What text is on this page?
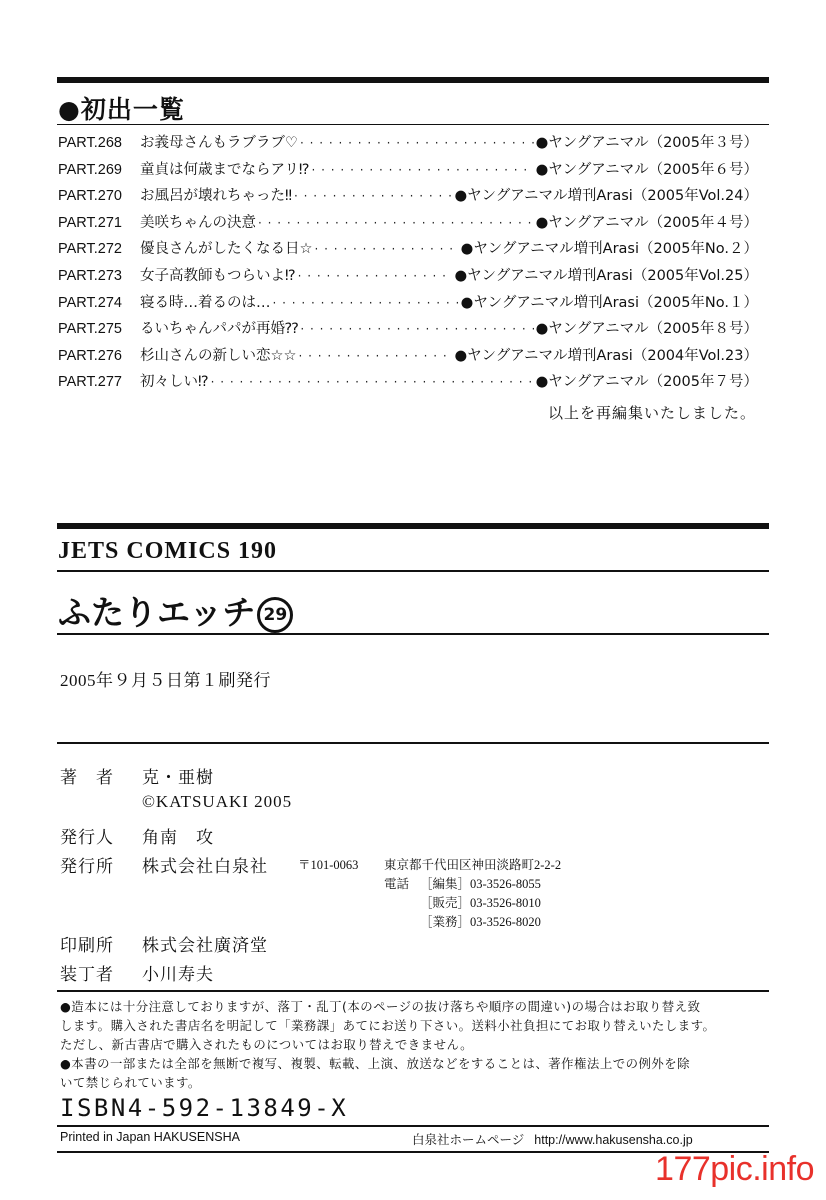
●初出一覧
PART.268	お義母さんもラブラブ♡ · · ·	●ヤングアニマル（2005年３号）
PART.269	童貞は何歳までならアリ⁉ · · ·	●ヤングアニマル（2005年６号）
PART.270	お風呂が壊れちゃった‼ · · ·	●ヤングアニマル増刊Arasi（2005年Vol.24）
PART.271	美咲ちゃんの決意 · · ·	●ヤングアニマル（2005年４号）
PART.272	優良さんがしたくなる日☆ · · ·	●ヤングアニマル増刊Arasi（2005年No.２）
PART.273	女子高教師もつらいよ⁉ · · ·	●ヤングアニマル増刊Arasi（2005年Vol.25）
PART.274	寝る時…着るのは… · · ·	●ヤングアニマル増刊Arasi（2005年No.１）
PART.275	るいちゃんパパが再婚⁇ · · ·	●ヤングアニマル（2005年８号）
PART.276	杉山さんの新しい恋☆☆ · · ·	●ヤングアニマル増刊Arasi（2004年Vol.23）
PART.277	初々しい⁉ · · ·	●ヤングアニマル（2005年７号）
以上を再編集いたしました。
JETS COMICS 190
ふたりエッチ 29
2005年９月５日第１刷発行
著　者 克・亜樹
©KATSUAKI 2005
発行人 角南　攻
発行所 株式会社白泉社 〒101-0063 東京都千代田区神田淡路町2-2-2
電話 ［編集］03-3526-8055
［販売］03-3526-8010
［業務］03-3526-8020
印刷所 株式会社廣済堂
装丁者 小川寿夫
●造本には十分注意しておりますが、落丁・乱丁(本のページの抜け落ちや順序の間違い)の場合はお取り替え致
します。購入された書店名を明記して「業務課」あてにお送り下さい。送料小社負担にてお取り替えいたします。
ただし、新古書店で購入されたものについてはお取り替えできません。
●本書の一部または全部を無断で複写、複製、転載、上演、放送などをすることは、著作権法上での例外を除
いて禁じられています。
ISBN4-592-13849-X
Printed in Japan HAKUSENSHA	白泉社ホームページ http://www.hakusensha.co.jp
177pic.info
